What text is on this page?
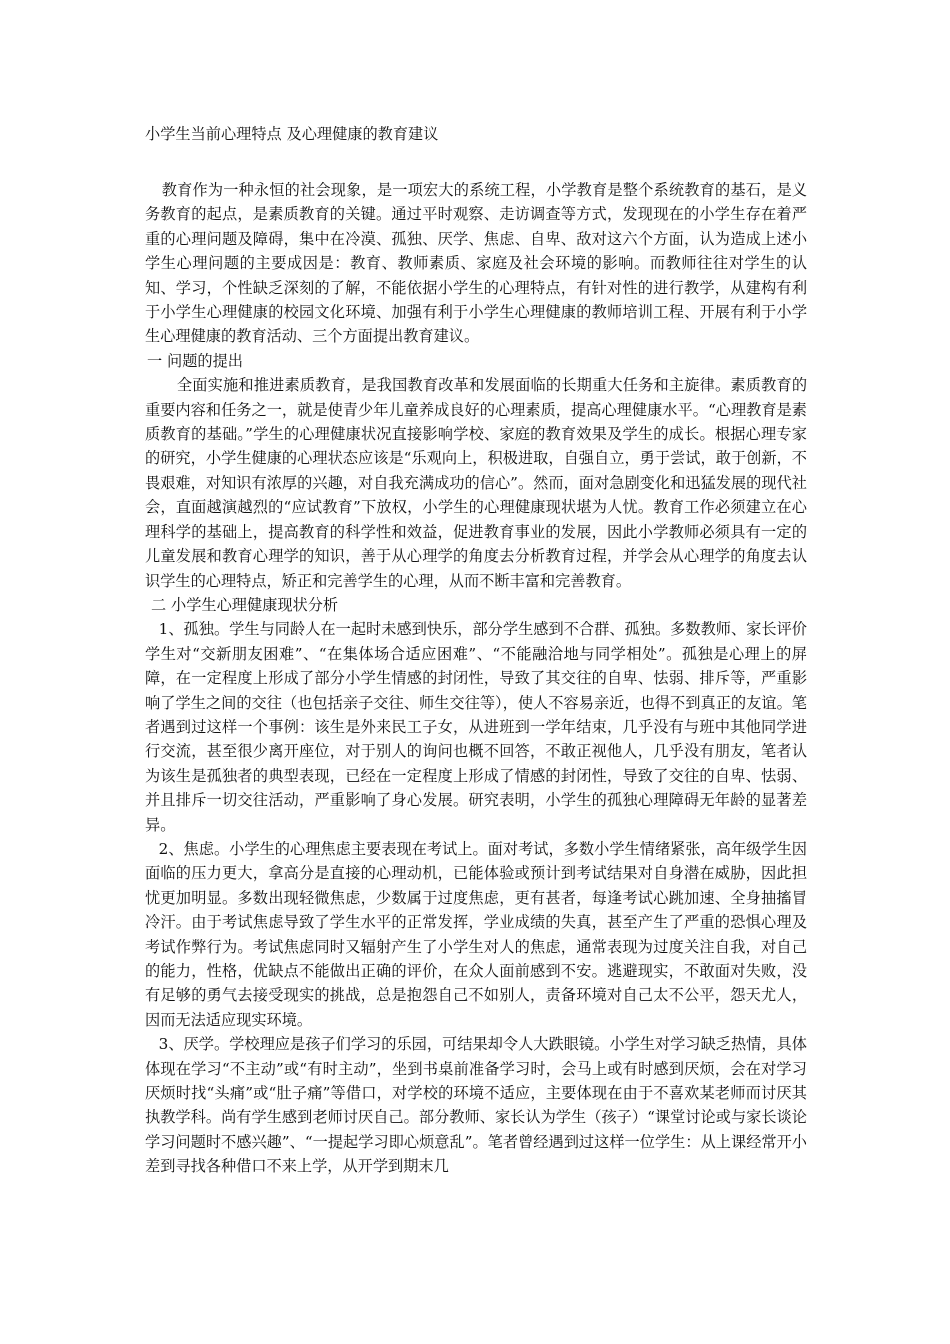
小学生当前心理特点 及心理健康的教育建议

教育作为一种永恒的社会现象，是一项宏大的系统工程，小学教育是整个系统教育的基石，是义务教育的起点，是素质教育的关键。通过平时观察、走访调查等方式，发现现在的小学生存在着严重的心理问题及障碍，集中在冷漠、孤独、厌学、焦虑、自卑、敌对这六个方面，认为造成上述小学生心理问题的主要成因是：教育、教师素质、家庭及社会环境的影响。而教师往往对学生的认知、学习，个性缺乏深刻的了解，不能依据小学生的心理特点，有针对性的进行教学，从建构有利于小学生心理健康的校园文化环境、加强有利于小学生心理健康的教师培训工程、开展有利于小学生心理健康的教育活动、三个方面提出教育建议。

一 问题的提出

全面实施和推进素质教育，是我国教育改革和发展面临的长期重大任务和主旋律。素质教育的重要内容和任务之一，就是使青少年儿童养成良好的心理素质，提高心理健康水平。“心理教育是素质教育的基础。”学生的心理健康状况直接影响学校、家庭的教育效果及学生的成长。根据心理专家的研究，小学生健康的心理状态应该是“乐观向上，积极进取，自强自立，勇于尝试，敢于创新，不畏艰难，对知识有浓厚的兴趣，对自我充满成功的信心”。然而，面对急剧变化和迅猛发展的现代社会，直面越演越烈的“应试教育”下放权，小学生的心理健康现状堪为人忧。教育工作必须建立在心理科学的基础上，提高教育的科学性和效益，促进教育事业的发展，因此小学教师必须具有一定的儿童发展和教育心理学的知识，善于从心理学的角度去分析教育过程，并学会从心理学的角度去认识学生的心理特点，矫正和完善学生的心理，从而不断丰富和完善教育。

二 小学生心理健康现状分析

1、孤独。学生与同龄人在一起时未感到快乐，部分学生感到不合群、孤独。多数教师、家长评价学生对“交新朋友困难”、“在集体场合适应困难”、“不能融洽地与同学相处”。孤独是心理上的屏障，在一定程度上形成了部分小学生情感的封闭性，导致了其交往的自卑、怯弱、排斥等，严重影响了学生之间的交往（也包括亲子交往、师生交往等），使人不容易亲近，也得不到真正的友谊。笔者遇到过这样一个事例：该生是外来民工子女，从进班到一学年结束，几乎没有与班中其他同学进行交流，甚至很少离开座位，对于别人的询问也概不回答，不敢正视他人，几乎没有朋友，笔者认为该生是孤独者的典型表现，已经在一定程度上形成了情感的封闭性，导致了交往的自卑、怯弱、并且排斥一切交往活动，严重影响了身心发展。研究表明，小学生的孤独心理障碍无年龄的显著差异。

2、焦虑。小学生的心理焦虑主要表现在考试上。面对考试，多数小学生情绪紧张，高年级学生因面临的压力更大，拿高分是直接的心理动机，已能体验或预计到考试结果对自身潜在威胁，因此担忧更加明显。多数出现轻微焦虑，少数属于过度焦虑，更有甚者，每逢考试心跳加速、全身抽搐冒冷汗。由于考试焦虑导致了学生水平的正常发挥，学业成绩的失真，甚至产生了严重的恐惧心理及考试作弊行为。考试焦虑同时又辐射产生了小学生对人的焦虑，通常表现为过度关注自我，对自己的能力，性格，优缺点不能做出正确的评价，在众人面前感到不安。逃避现实，不敢面对失败，没有足够的勇气去接受现实的挑战，总是抱怨自己不如别人，责备环境对自己太不公平，怨天尤人，因而无法适应现实环境。

3、厌学。学校理应是孩子们学习的乐园，可结果却令人大跌眼镜。小学生对学习缺乏热情，具体体现在学习“不主动”或“有时主动”，坐到书桌前准备学习时，会马上或有时感到厌烦，会在对学习厌烦时找“头痛”或“肚子痛”等借口，对学校的环境不适应，主要体现在由于不喜欢某老师而讨厌其执教学科。尚有学生感到老师讨厌自己。部分教师、家长认为学生（孩子）“课堂讨论或与家长谈论学习问题时不感兴趣”、“一提起学习即心烦意乱”。笔者曾经遇到过这样一位学生：从上课经常开小差到寻找各种借口不来上学，从开学到期末几
